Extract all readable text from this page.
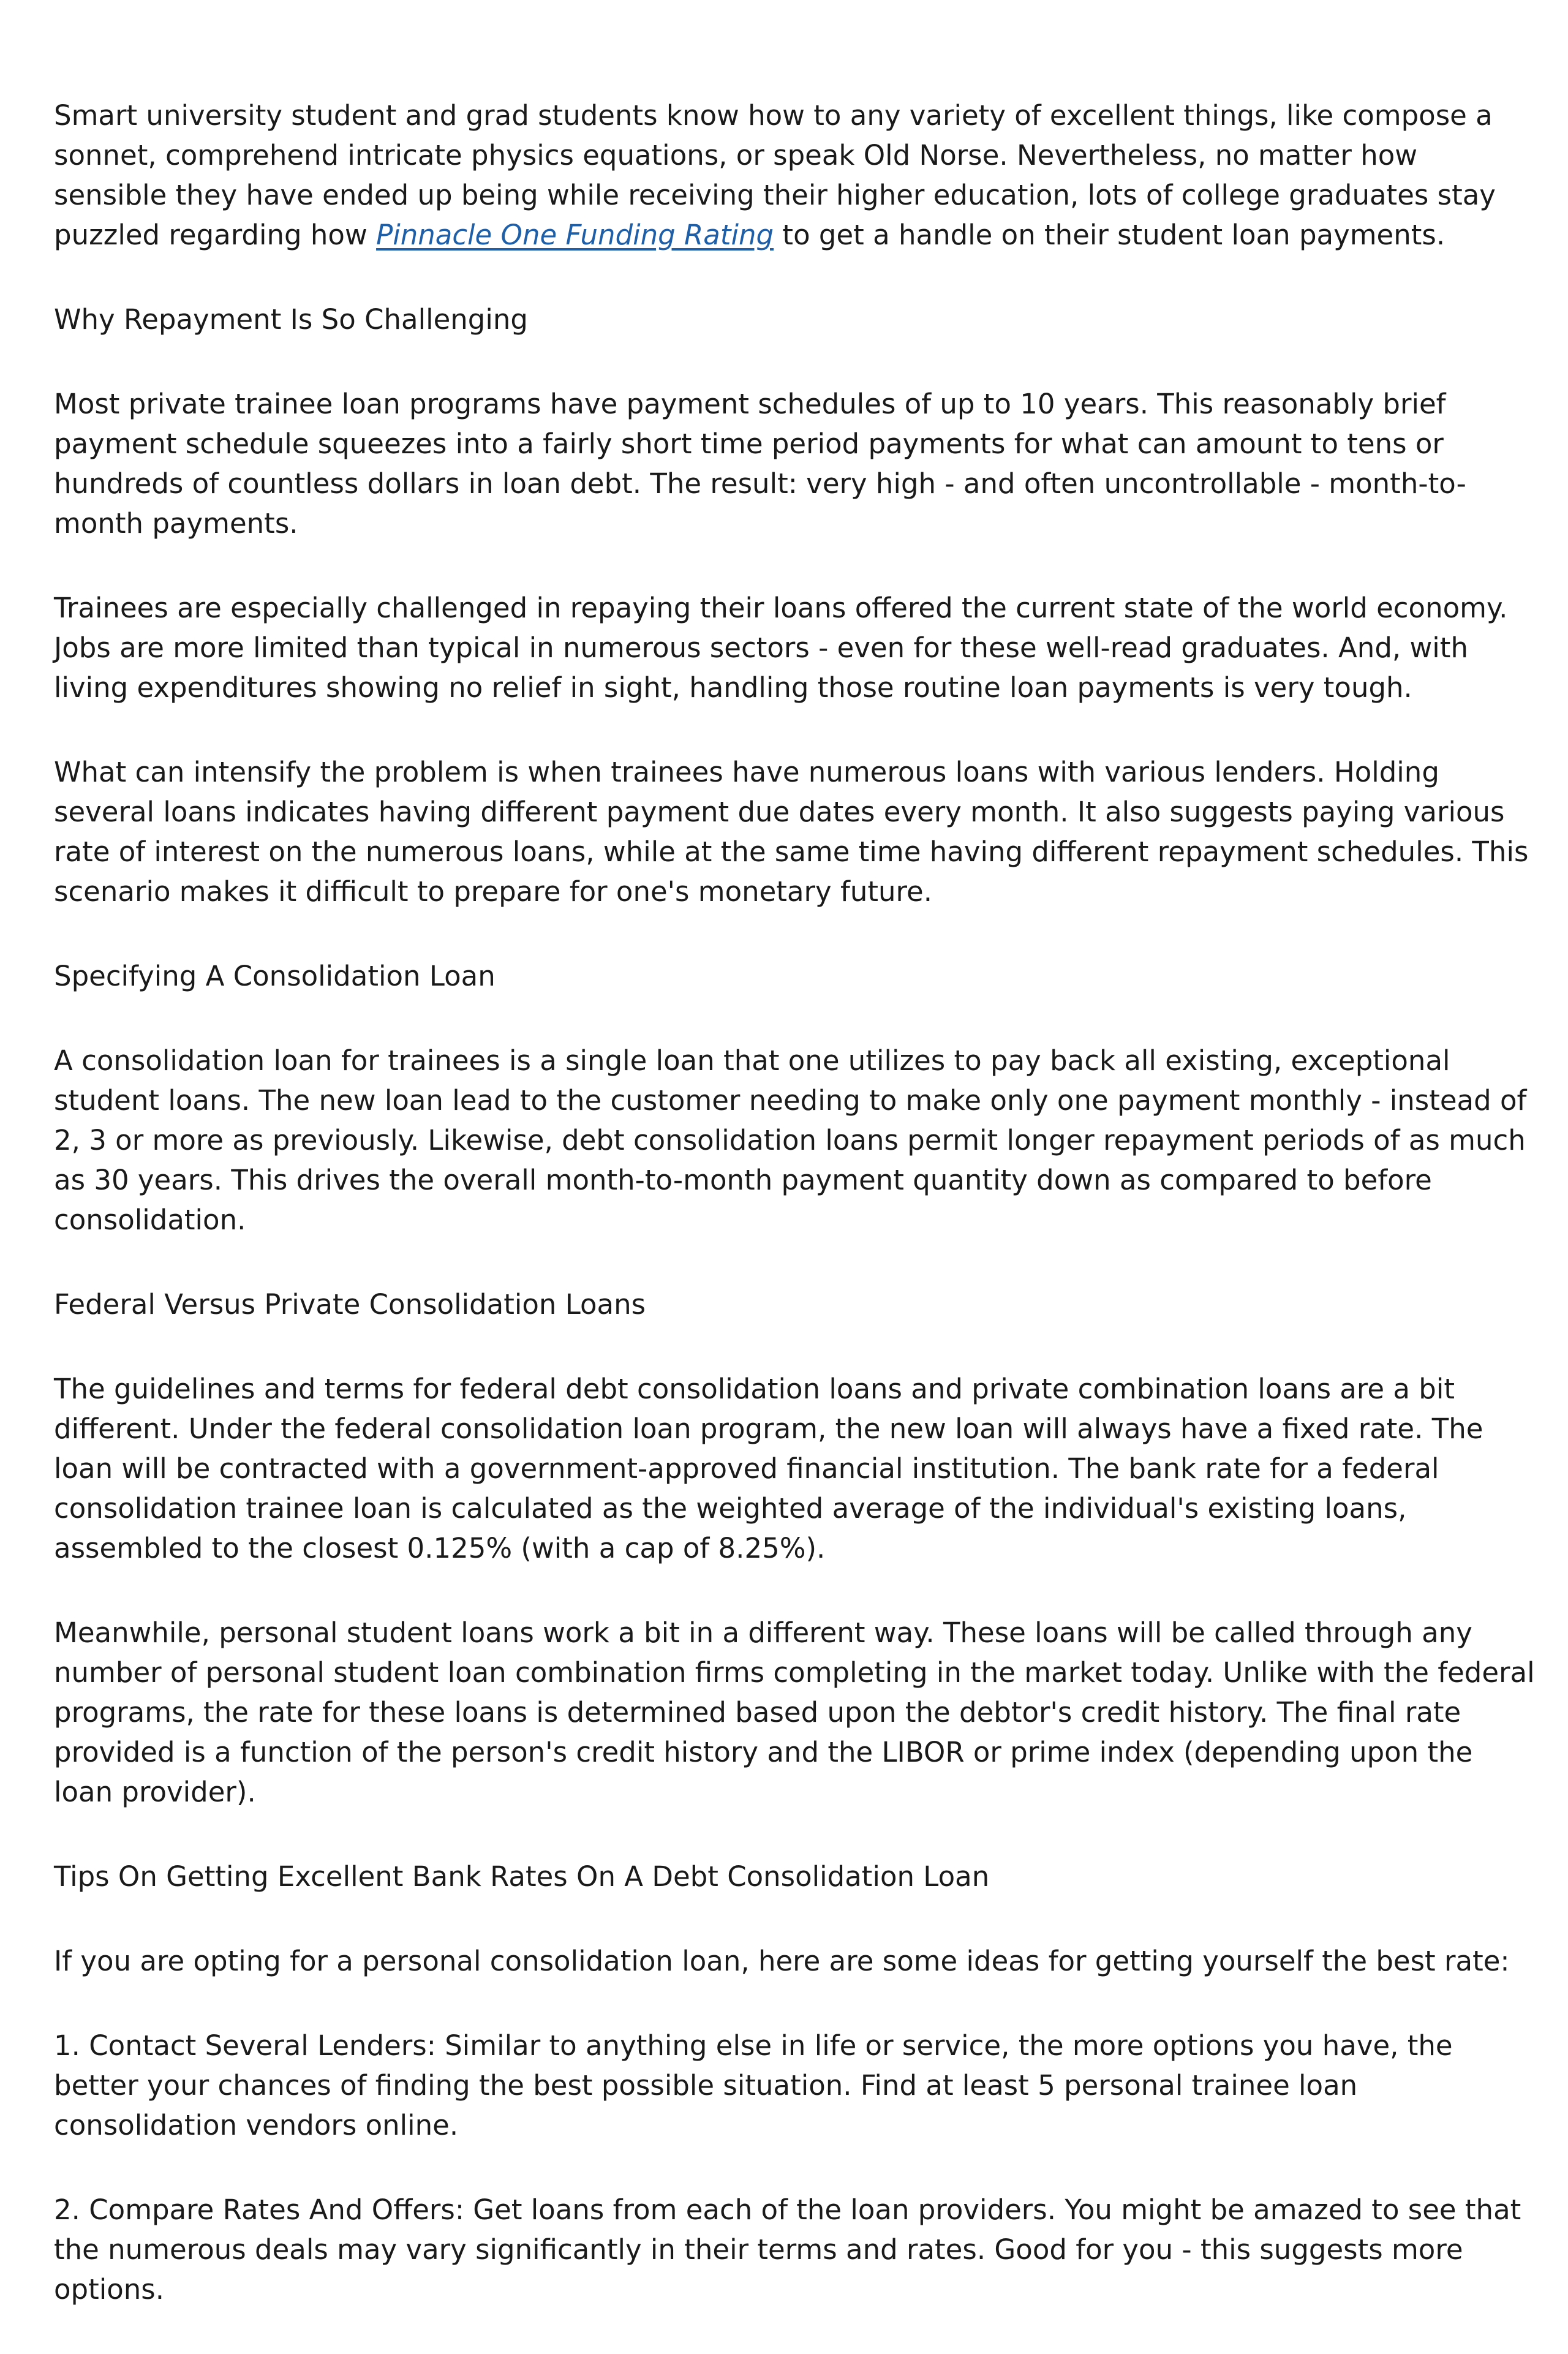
Smart university student and grad students know how to any variety of excellent things, like compose a sonnet, comprehend intricate physics equations, or speak Old Norse. Nevertheless, no matter how sensible they have ended up being while receiving their higher education, lots of college graduates stay puzzled regarding how Pinnacle One Funding Rating to get a handle on their student loan payments.

Why Repayment Is So Challenging

Most private trainee loan programs have payment schedules of up to 10 years. This reasonably brief payment schedule squeezes into a fairly short time period payments for what can amount to tens or hundreds of countless dollars in loan debt. The result: very high - and often uncontrollable - month-to-month payments.

Trainees are especially challenged in repaying their loans offered the current state of the world economy. Jobs are more limited than typical in numerous sectors - even for these well-read graduates. And, with living expenditures showing no relief in sight, handling those routine loan payments is very tough.

What can intensify the problem is when trainees have numerous loans with various lenders. Holding several loans indicates having different payment due dates every month. It also suggests paying various rate of interest on the numerous loans, while at the same time having different repayment schedules. This scenario makes it difficult to prepare for one's monetary future.

Specifying A Consolidation Loan

A consolidation loan for trainees is a single loan that one utilizes to pay back all existing, exceptional student loans. The new loan lead to the customer needing to make only one payment monthly - instead of 2, 3 or more as previously. Likewise, debt consolidation loans permit longer repayment periods of as much as 30 years. This drives the overall month-to-month payment quantity down as compared to before consolidation.

Federal Versus Private Consolidation Loans

The guidelines and terms for federal debt consolidation loans and private combination loans are a bit different. Under the federal consolidation loan program, the new loan will always have a fixed rate. The loan will be contracted with a government-approved financial institution. The bank rate for a federal consolidation trainee loan is calculated as the weighted average of the individual's existing loans, assembled to the closest 0.125% (with a cap of 8.25%).

Meanwhile, personal student loans work a bit in a different way. These loans will be called through any number of personal student loan combination firms completing in the market today. Unlike with the federal programs, the rate for these loans is determined based upon the debtor's credit history. The final rate provided is a function of the person's credit history and the LIBOR or prime index (depending upon the loan provider).

Tips On Getting Excellent Bank Rates On A Debt Consolidation Loan

If you are opting for a personal consolidation loan, here are some ideas for getting yourself the best rate:

1. Contact Several Lenders: Similar to anything else in life or service, the more options you have, the better your chances of finding the best possible situation. Find at least 5 personal trainee loan consolidation vendors online.

2. Compare Rates And Offers: Get loans from each of the loan providers. You might be amazed to see that the numerous deals may vary significantly in their terms and rates. Good for you - this suggests more options.
